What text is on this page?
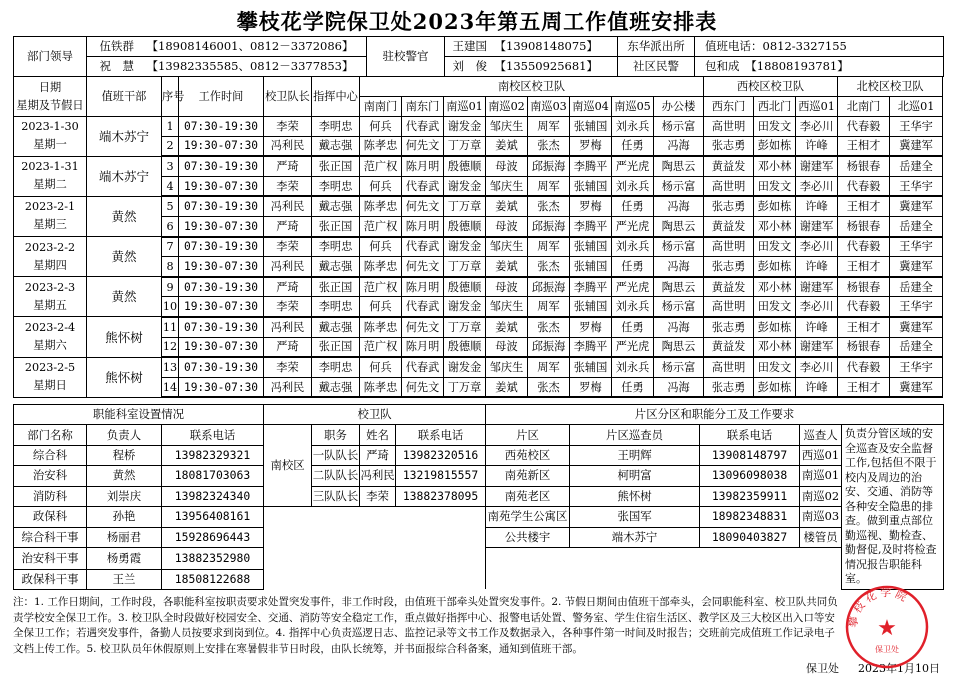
攀枝花学院保卫处2023年第五周工作值班安排表
部门领导	伍铁群	【18908146001、0812－3372086】	驻校警官	王建国	【13908148075】	东华派出所	值班电话：0812-3327155
	祝　慧	【13982335585、0812－3377853】		刘　俊	【13550925681】	社区民警	包和成　【18808193781】
日期
星期及节假日	值班干部	序号	工作时间	校卫队长	指挥中心	南校区校卫队								西校区校卫队			北校区校卫队	
						南南门	南东门	南巡01	南巡02	南巡03	南巡04	南巡05	办公楼	西东门	西北门	西巡01	北南门	北巡01

2023-1-30
星期一	端木苏宁	1	07:30-19:30	李荣	李明忠	何兵	代春武	谢发金	邹庆生	周军	张辅国	刘永兵	杨示富	高世明	田发文	李必川	代春毅	王华宇
		2	19:30-07:30	冯利民	戴志强	陈孝忠	何先文	丁万章	姜斌	张杰	罗梅	任勇	冯海	张志勇	彭如栋	许峰	王相才	冀建军

2023-1-31
星期二	端木苏宁	3	07:30-19:30	严琦	张正国	范广权	陈月明	殷德顺	母波	邱振海	李腾平	严光虎	陶思云	黄益发	邓小林	谢建军	杨银春	岳建全
		4	19:30-07:30	李荣	李明忠	何兵	代春武	谢发金	邹庆生	周军	张辅国	刘永兵	杨示富	高世明	田发文	李必川	代春毅	王华宇

2023-2-1
星期三	黄然	5	07:30-19:30	冯利民	戴志强	陈孝忠	何先文	丁万章	姜斌	张杰	罗梅	任勇	冯海	张志勇	彭如栋	许峰	王相才	冀建军
		6	19:30-07:30	严琦	张正国	范广权	陈月明	殷德顺	母波	邱振海	李腾平	严光虎	陶思云	黄益发	邓小林	谢建军	杨银春	岳建全

2023-2-2
星期四	黄然	7	07:30-19:30	李荣	李明忠	何兵	代春武	谢发金	邹庆生	周军	张辅国	刘永兵	杨示富	高世明	田发文	李必川	代春毅	王华宇
		8	19:30-07:30	冯利民	戴志强	陈孝忠	何先文	丁万章	姜斌	张杰	张辅国	任勇	冯海	张志勇	彭如栋	许峰	王相才	冀建军

2023-2-3
星期五	黄然	9	07:30-19:30	严琦	张正国	范广权	陈月明	殷德顺	母波	邱振海	李腾平	严光虎	陶思云	黄益发	邓小林	谢建军	杨银春	岳建全
		10	19:30-07:30	李荣	李明忠	何兵	代春武	谢发金	邹庆生	周军	张辅国	刘永兵	杨示富	高世明	田发文	李必川	代春毅	王华宇

2023-2-4
星期六	熊怀树	11	07:30-19:30	冯利民	戴志强	陈孝忠	何先文	丁万章	姜斌	张杰	罗梅	任勇	冯海	张志勇	彭如栋	许峰	王相才	冀建军
		12	19:30-07:30	严琦	张正国	范广权	陈月明	殷德顺	母波	邱振海	李腾平	严光虎	陶思云	黄益发	邓小林	谢建军	杨银春	岳建全

2023-2-5
星期日	熊怀树	13	07:30-19:30	李荣	李明忠	何兵	代春武	谢发金	邹庆生	周军	张辅国	刘永兵	杨示富	高世明	田发文	李必川	代春毅	王华宇
		14	19:30-07:30	冯利民	戴志强	陈孝忠	何先文	丁万章	姜斌	张杰	罗梅	任勇	冯海	张志勇	彭如栋	许峰	王相才	冀建军
职能科室设置情况			校卫队				片区分区和职能分工及工作要求				
部门名称	负责人	联系电话	南校区	职务	姓名	联系电话	片区	片区巡查员	联系电话	巡查人	负责分管区域的安全巡查及安全监督工作,包括但不限于校内及周边的治安、交通、消防等各种安全隐患的排查。做到重点部位勤巡视、勤检查、勤督促,及时将检查情况报告职能科室。
综合科	程桥	13982329321		一队队长	严琦	13982320516	西苑校区	王明辉	13908148797	西巡01	
治安科	黄然	18081703063		二队队长	冯利民	13219815557	南苑新区	柯明富	13096098038	南巡01	
消防科	刘崇庆	13982324340		三队队长	李荣	13882378095	南苑老区	熊怀树	13982359911	南巡02	
政保科	孙艳	13956408161					南苑学生公寓区	张国军	18982348831	南巡03	
综合科干事	杨丽君	15928696443					公共楼宇	端木苏宁	18090403827	楼管员	
治安科干事	杨勇霞	13882352980									
政保科干事	王兰	18508122688									
注：1. 工作日期间，工作时段，各职能科室按职责要求处置突发事件，非工作时段，由值班干部牵头处置突发事件。2. 节假日期间由值班干部牵头，会同职能科室、校卫队共同负责学校安全保卫工作。3. 校卫队全时段做好校园安全、交通、消防等安全稳定工作，重点做好指挥中心、报警电话处置、警务室、学生住宿生活区、教学区及三大校区出入口等安全保卫工作；若遇突发事件，备勤人员按要求到岗到位。4. 指挥中心负责巡逻日志、监控记录等文书工作及数据录入，各种事件第一时间及时报告；交班前完成值班工作记录电子文档上传工作。5. 校卫队员年休假原则上安排在寒暑假非节日时段，由队长统筹，并书面报综合科备案，通知到值班干部。
保卫处 2023年1月10日
攀枝花学院
★
保卫处
